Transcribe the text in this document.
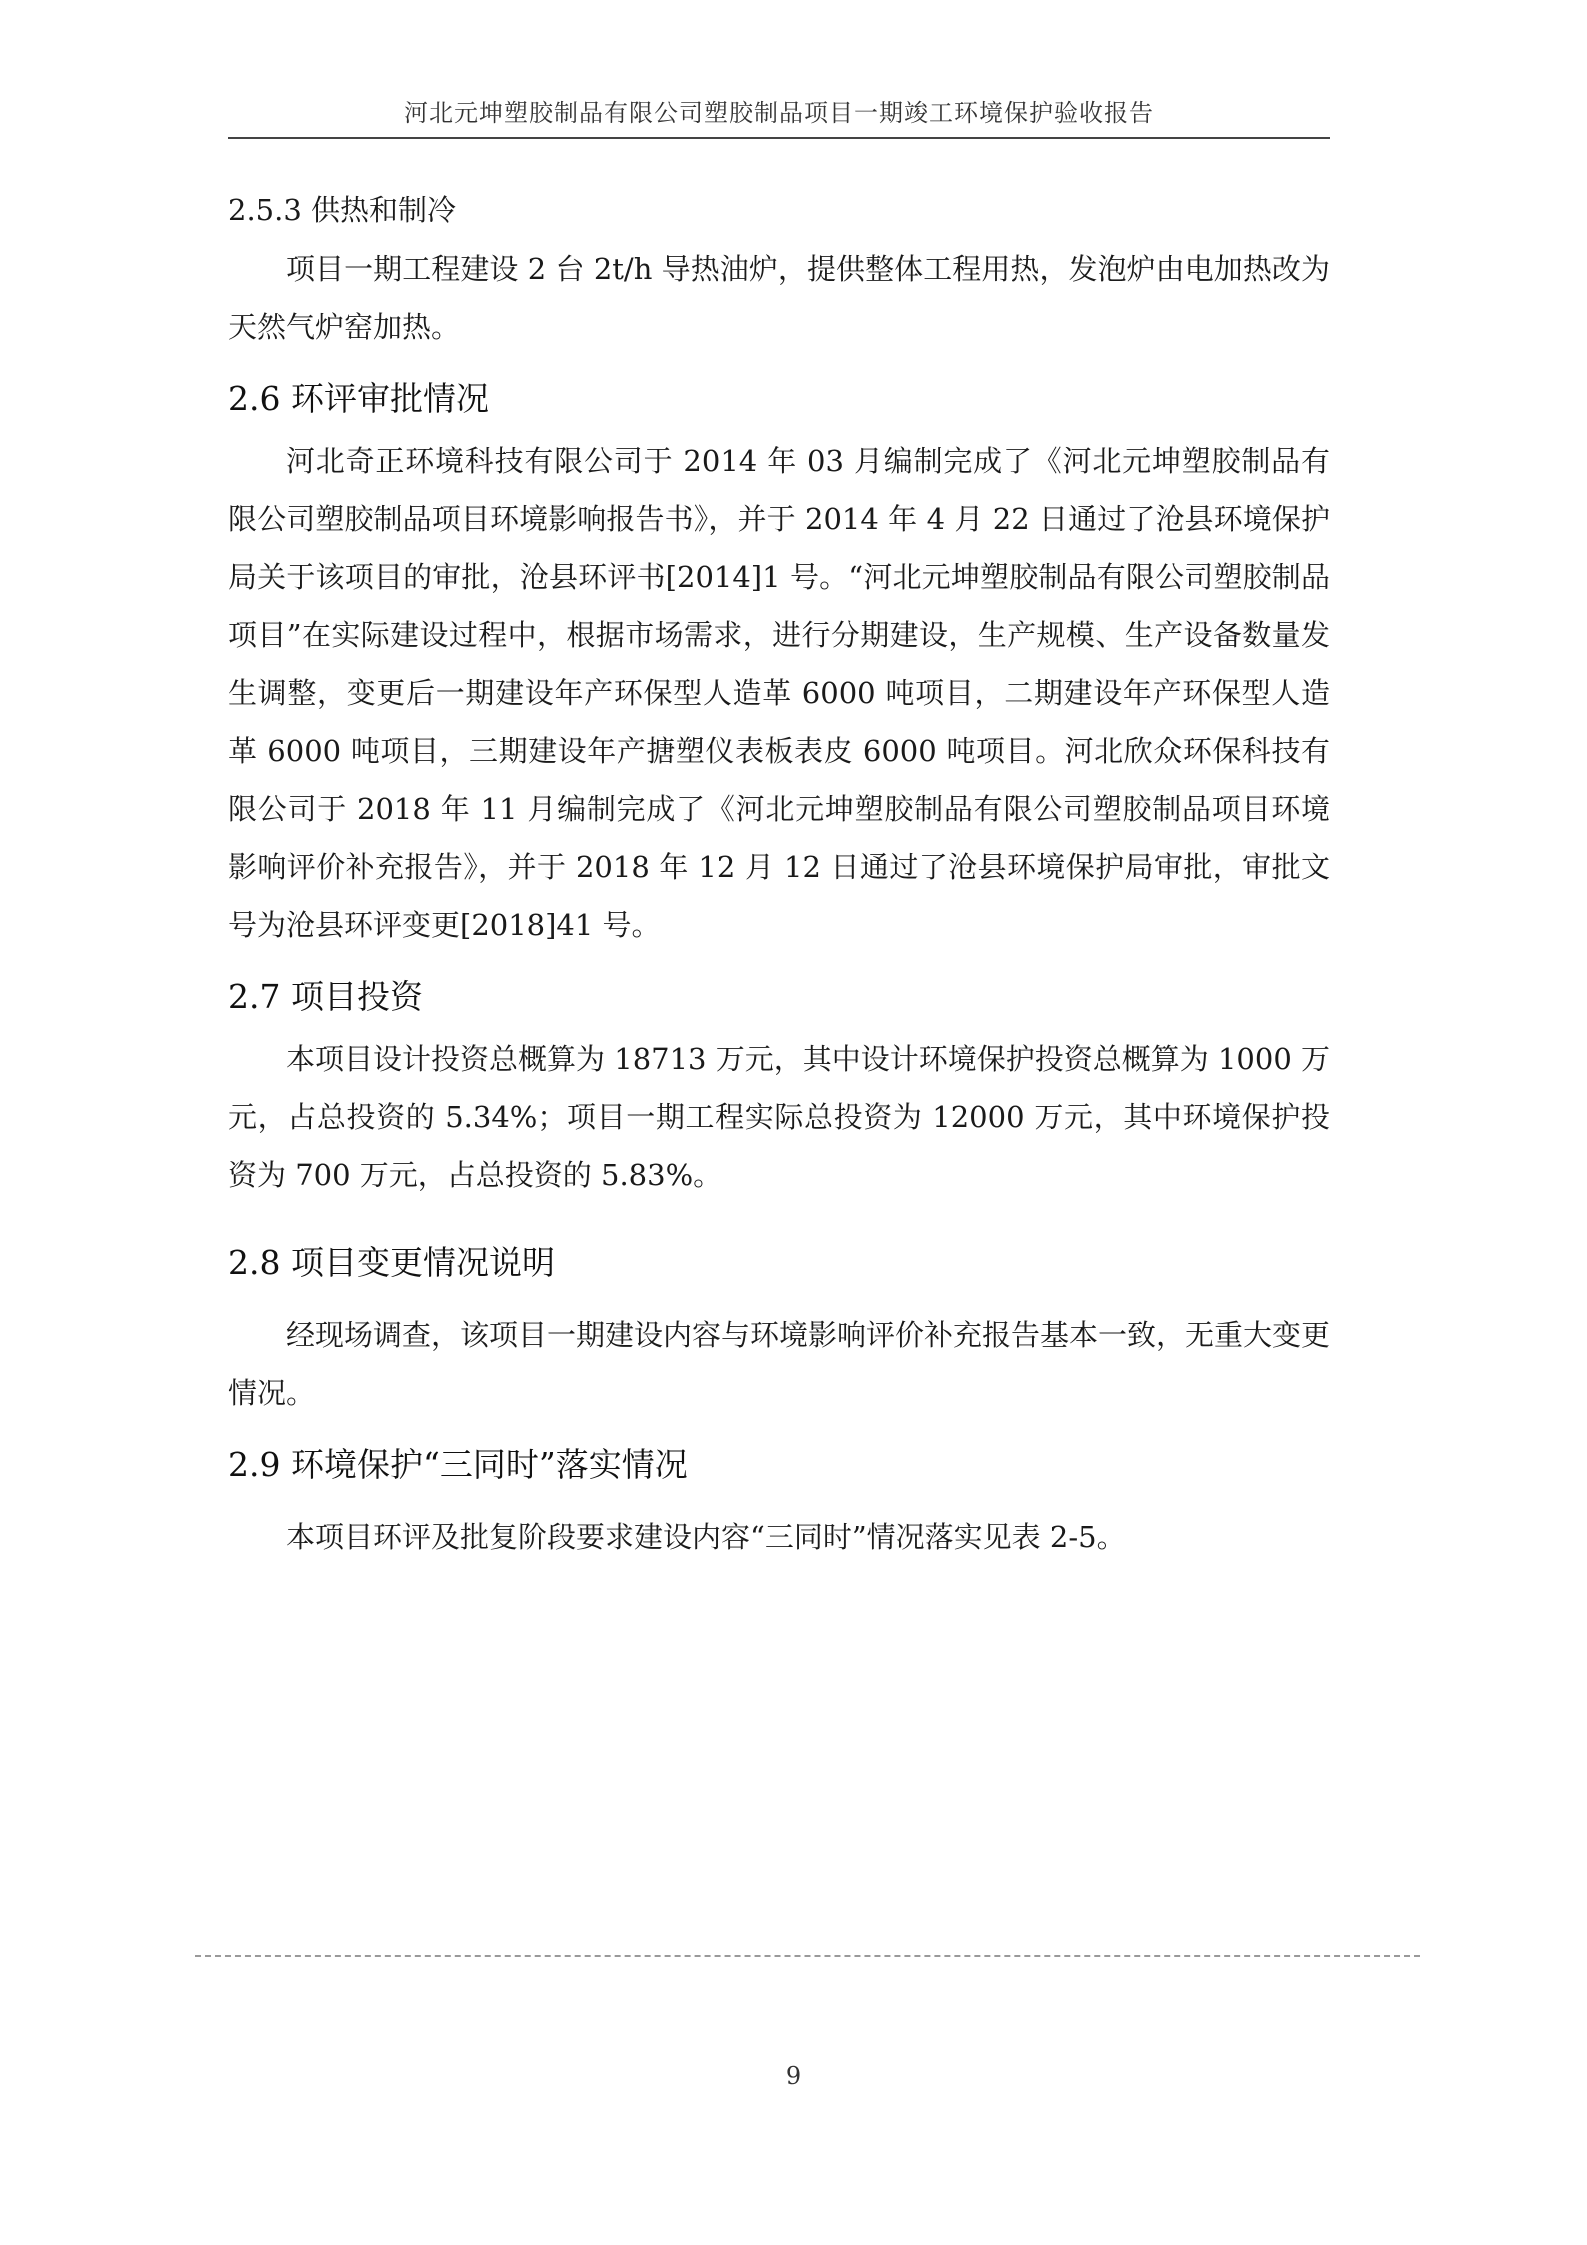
河北元坤塑胶制品有限公司塑胶制品项目一期竣工环境保护验收报告
2.5.3 供热和制冷

项目一期工程建设 2 台 2t/h 导热油炉，提供整体工程用热，发泡炉由电加热改为天然气炉窑加热。

2.6 环评审批情况

河北奇正环境科技有限公司于 2014 年 03 月编制完成了《河北元坤塑胶制品有限公司塑胶制品项目环境影响报告书》，并于 2014 年 4 月 22 日通过了沧县环境保护局关于该项目的审批，沧县环评书[2014]1 号。“河北元坤塑胶制品有限公司塑胶制品项目”在实际建设过程中，根据市场需求，进行分期建设，生产规模、生产设备数量发生调整，变更后一期建设年产环保型人造革 6000 吨项目，二期建设年产环保型人造革 6000 吨项目，三期建设年产搪塑仪表板表皮 6000 吨项目。河北欣众环保科技有限公司于 2018 年 11 月编制完成了《河北元坤塑胶制品有限公司塑胶制品项目环境影响评价补充报告》，并于 2018 年 12 月 12 日通过了沧县环境保护局审批，审批文号为沧县环评变更[2018]41 号。

2.7 项目投资

本项目设计投资总概算为 18713 万元，其中设计环境保护投资总概算为 1000 万元，占总投资的 5.34%；项目一期工程实际总投资为 12000 万元，其中环境保护投资为 700 万元，占总投资的 5.83%。

2.8 项目变更情况说明

经现场调查，该项目一期建设内容与环境影响评价补充报告基本一致，无重大变更情况。

2.9 环境保护“三同时”落实情况

本项目环评及批复阶段要求建设内容“三同时”情况落实见表 2-5。

9
